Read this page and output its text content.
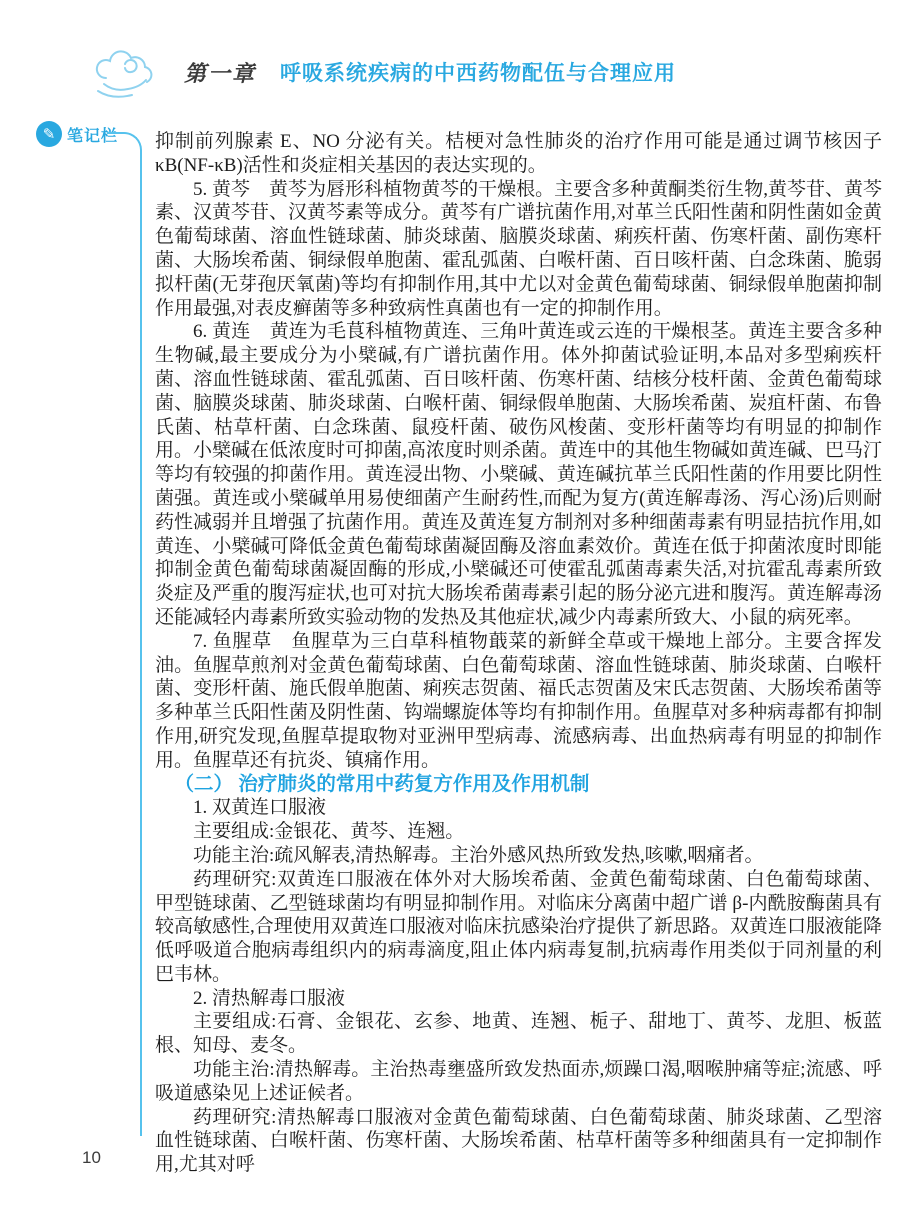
第一章 呼吸系统疾病的中西药物配伍与合理应用
✎ 笔记栏 抑制前列腺素 E、NO 分泌有关。桔梗对急性肺炎的治疗作用可能是通过调节核因子 κB(NF-κB)活性和炎症相关基因的表达实现的。

5. 黄芩　黄芩为唇形科植物黄芩的干燥根。主要含多种黄酮类衍生物,黄芩苷、黄芩素、汉黄芩苷、汉黄芩素等成分。黄芩有广谱抗菌作用,对革兰氏阳性菌和阴性菌如金黄色葡萄球菌、溶血性链球菌、肺炎球菌、脑膜炎球菌、痢疾杆菌、伤寒杆菌、副伤寒杆菌、大肠埃希菌、铜绿假单胞菌、霍乱弧菌、白喉杆菌、百日咳杆菌、白念珠菌、脆弱拟杆菌(无芽孢厌氧菌)等均有抑制作用,其中尤以对金黄色葡萄球菌、铜绿假单胞菌抑制作用最强,对表皮癣菌等多种致病性真菌也有一定的抑制作用。

6. 黄连　黄连为毛茛科植物黄连、三角叶黄连或云连的干燥根茎。黄连主要含多种生物碱,最主要成分为小檗碱,有广谱抗菌作用。体外抑菌试验证明,本品对多型痢疾杆菌、溶血性链球菌、霍乱弧菌、百日咳杆菌、伤寒杆菌、结核分枝杆菌、金黄色葡萄球菌、脑膜炎球菌、肺炎球菌、白喉杆菌、铜绿假单胞菌、大肠埃希菌、炭疽杆菌、布鲁氏菌、枯草杆菌、白念珠菌、鼠疫杆菌、破伤风梭菌、变形杆菌等均有明显的抑制作用。小檗碱在低浓度时可抑菌,高浓度时则杀菌。黄连中的其他生物碱如黄连碱、巴马汀等均有较强的抑菌作用。黄连浸出物、小檗碱、黄连碱抗革兰氏阳性菌的作用要比阴性菌强。黄连或小檗碱单用易使细菌产生耐药性,而配为复方(黄连解毒汤、泻心汤)后则耐药性减弱并且增强了抗菌作用。黄连及黄连复方制剂对多种细菌毒素有明显拮抗作用,如黄连、小檗碱可降低金黄色葡萄球菌凝固酶及溶血素效价。黄连在低于抑菌浓度时即能抑制金黄色葡萄球菌凝固酶的形成,小檗碱还可使霍乱弧菌毒素失活,对抗霍乱毒素所致炎症及严重的腹泻症状,也可对抗大肠埃希菌毒素引起的肠分泌亢进和腹泻。黄连解毒汤还能减轻内毒素所致实验动物的发热及其他症状,减少内毒素所致大、小鼠的病死率。

7. 鱼腥草　鱼腥草为三白草科植物蕺菜的新鲜全草或干燥地上部分。主要含挥发油。鱼腥草煎剂对金黄色葡萄球菌、白色葡萄球菌、溶血性链球菌、肺炎球菌、白喉杆菌、变形杆菌、施氏假单胞菌、痢疾志贺菌、福氏志贺菌及宋氏志贺菌、大肠埃希菌等多种革兰氏阳性菌及阴性菌、钩端螺旋体等均有抑制作用。鱼腥草对多种病毒都有抑制作用,研究发现,鱼腥草提取物对亚洲甲型病毒、流感病毒、出血热病毒有明显的抑制作用。鱼腥草还有抗炎、镇痛作用。

（二） 治疗肺炎的常用中药复方作用及作用机制

1. 双黄连口服液

主要组成:金银花、黄芩、连翘。

功能主治:疏风解表,清热解毒。主治外感风热所致发热,咳嗽,咽痛者。

药理研究:双黄连口服液在体外对大肠埃希菌、金黄色葡萄球菌、白色葡萄球菌、甲型链球菌、乙型链球菌均有明显抑制作用。对临床分离菌中超广谱 β-内酰胺酶菌具有较高敏感性,合理使用双黄连口服液对临床抗感染治疗提供了新思路。双黄连口服液能降低呼吸道合胞病毒组织内的病毒滴度,阻止体内病毒复制,抗病毒作用类似于同剂量的利巴韦林。

2. 清热解毒口服液

主要组成:石膏、金银花、玄参、地黄、连翘、栀子、甜地丁、黄芩、龙胆、板蓝根、知母、麦冬。

功能主治:清热解毒。主治热毒壅盛所致发热面赤,烦躁口渴,咽喉肿痛等症;流感、呼吸道感染见上述证候者。

药理研究:清热解毒口服液对金黄色葡萄球菌、白色葡萄球菌、肺炎球菌、乙型溶血性链球菌、白喉杆菌、伤寒杆菌、大肠埃希菌、枯草杆菌等多种细菌具有一定抑制作用,尤其对呼

10
